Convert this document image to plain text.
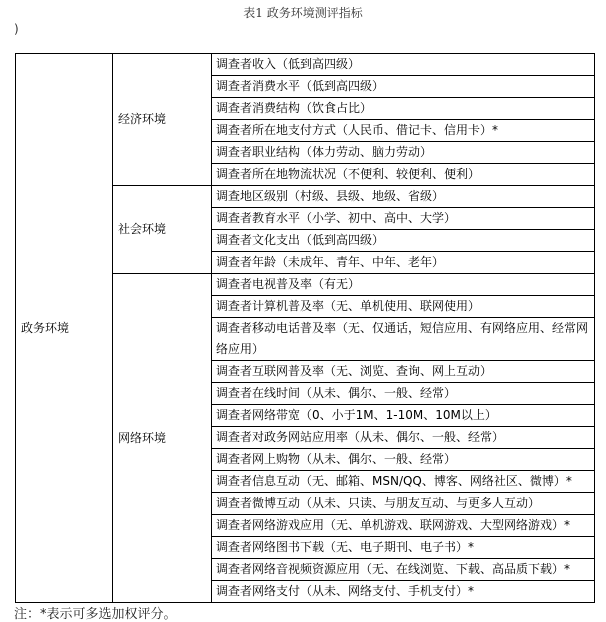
表1 政务环境测评指标
)
政务环境	经济环境	调查者收入（低到高四级）
		调查者消费水平（低到高四级）
		调查者消费结构（饮食占比）
		调查者所在地支付方式（人民币、借记卡、信用卡）*
		调查者职业结构（体力劳动、脑力劳动）
		调查者所在地物流状况（不便利、较便利、便利）
	社会环境	调查地区级别（村级、县级、地级、省级）
		调查者教育水平（小学、初中、高中、大学）
		调查者文化支出（低到高四级）
		调查者年龄（未成年、青年、中年、老年）
	网络环境	调查者电视普及率（有无）
		调查者计算机普及率（无、单机使用、联网使用）
		调查者移动电话普及率（无、仅通话，短信应用、有网络应用、经常网络应用）
		调查者互联网普及率（无、浏览、查询、网上互动）
		调查者在线时间（从未、偶尔、一般、经常）
		调查者网络带宽（0、小于1M、1-10M、10M以上）
		调查者对政务网站应用率（从未、偶尔、一般、经常）
		调查者网上购物（从未、偶尔、一般、经常）
		调查者信息互动（无、邮箱、MSN/QQ、博客、网络社区、微博）*
		调查者微博互动（从未、只读、与朋友互动、与更多人互动）
		调查者网络游戏应用（无、单机游戏、联网游戏、大型网络游戏）*
		调查者网络图书下载（无、电子期刊、电子书）*
		调查者网络音视频资源应用（无、在线浏览、下载、高品质下载）*
		调查者网络支付（从未、网络支付、手机支付）*
注：*表示可多选加权评分。
